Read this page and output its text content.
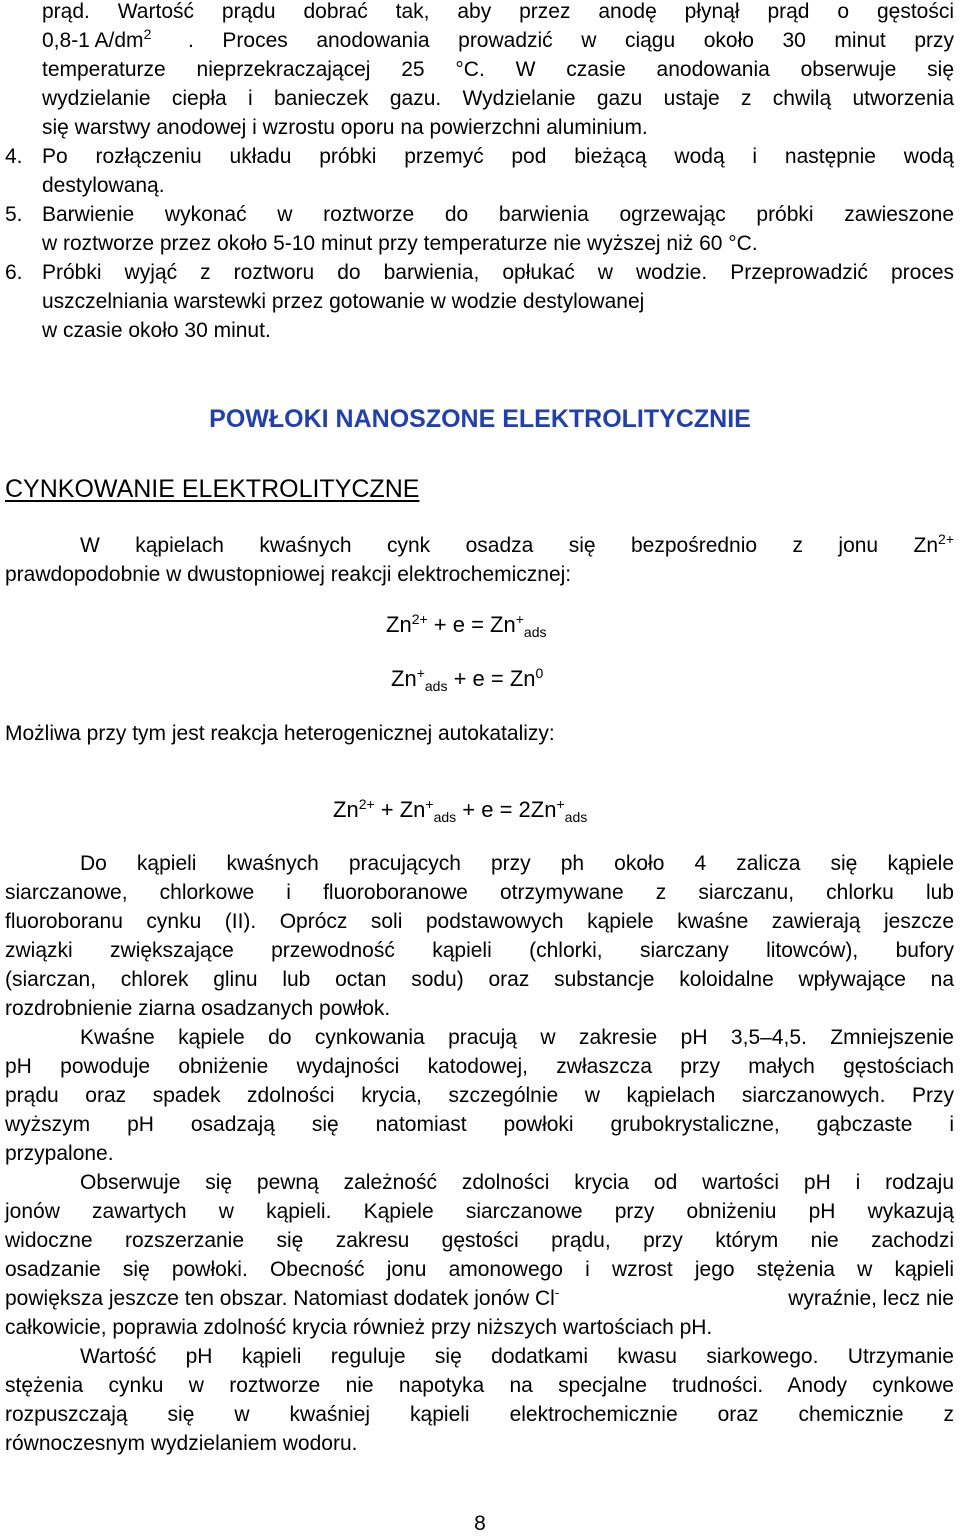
prąd. Wartość prądu dobrać tak, aby przez anodę płynął prąd o gęstości
0,8-1 $A/dm^2$ . Proces anodowania prowadzić w ciągu około 30 minut przy
temperaturze nieprzekraczającej 25 °C. W czasie anodowania obserwuje się
wydzielanie ciepła i banieczek gazu. Wydzielanie gazu ustaje z chwilą utworzenia
się warstwy anodowej i wzrostu oporu na powierzchni aluminium.
4. Po rozłączeniu układu próbki przemyć pod bieżącą wodą i następnie wodą
destylowaną.
5. Barwienie wykonać w roztworze do barwienia ogrzewając próbki zawieszone
w roztworze przez około 5-10 minut przy temperaturze nie wyższej niż 60 °C.
6. Próbki wyjąć z roztworu do barwienia, opłukać w wodzie. Przeprowadzić proces
uszczelniania warstewki przez gotowanie w wodzie destylowanej
w czasie około 30 minut.
POWŁOKI NANOSZONE ELEKTROLITYCZNIE
CYNKOWANIE ELEKTROLITYCZNE
W kąpielach kwaśnych cynk osadza się bezpośrednio z jonu $Zn^{2+}$
prawdopodobnie w dwustopniowej reakcji elektrochemicznej:
$Zn^{2+} + e = Zn^+_{ads}$
$Zn^+_{ads} + e = Zn^0$
Możliwa przy tym jest reakcja heterogenicznej autokatalizy:
$Zn^{2+} + Zn^+_{ads} + e = 2Zn^+_{ads}$
Do kąpieli kwaśnych pracujących przy ph około 4 zalicza się kąpiele
siarczanowe, chlorkowe i fluoroboranowe otrzymywane z siarczanu, chlorku lub
fluoroboranu cynku (II). Oprócz soli podstawowych kąpiele kwaśne zawierają jeszcze
związki zwiększające przewodność kąpieli (chlorki, siarczany litowców), bufory
(siarczan, chlorek glinu lub octan sodu) oraz substancje koloidalne wpływające na
rozdrobnienie ziarna osadzanych powłok.
Kwaśne kąpiele do cynkowania pracują w zakresie pH 3,5–4,5. Zmniejszenie
pH powoduje obniżenie wydajności katodowej, zwłaszcza przy małych gęstościach
prądu oraz spadek zdolności krycia, szczególnie w kąpielach siarczanowych. Przy
wyższym pH osadzają się natomiast powłoki grubokrystaliczne, gąbczaste i
przypalone.
Obserwuje się pewną zależność zdolności krycia od wartości pH i rodzaju
jonów zawartych w kąpieli. Kąpiele siarczanowe przy obniżeniu pH wykazują
widoczne rozszerzanie się zakresu gęstości prądu, przy którym nie zachodzi
osadzanie się powłoki. Obecność jonu amonowego i wzrost jego stężenia w kąpieli
powiększa jeszcze ten obszar. Natomiast dodatek jonów Cl-	wyraźnie, lecz nie
całkowicie, poprawia zdolność krycia również przy niższych wartościach pH.
Wartość pH kąpieli reguluje się dodatkami kwasu siarkowego. Utrzymanie
stężenia cynku w roztworze nie napotyka na specjalne trudności. Anody cynkowe
rozpuszczają się w kwaśniej kąpieli elektrochemicznie oraz chemicznie z
równoczesnym wydzielaniem wodoru.
8
